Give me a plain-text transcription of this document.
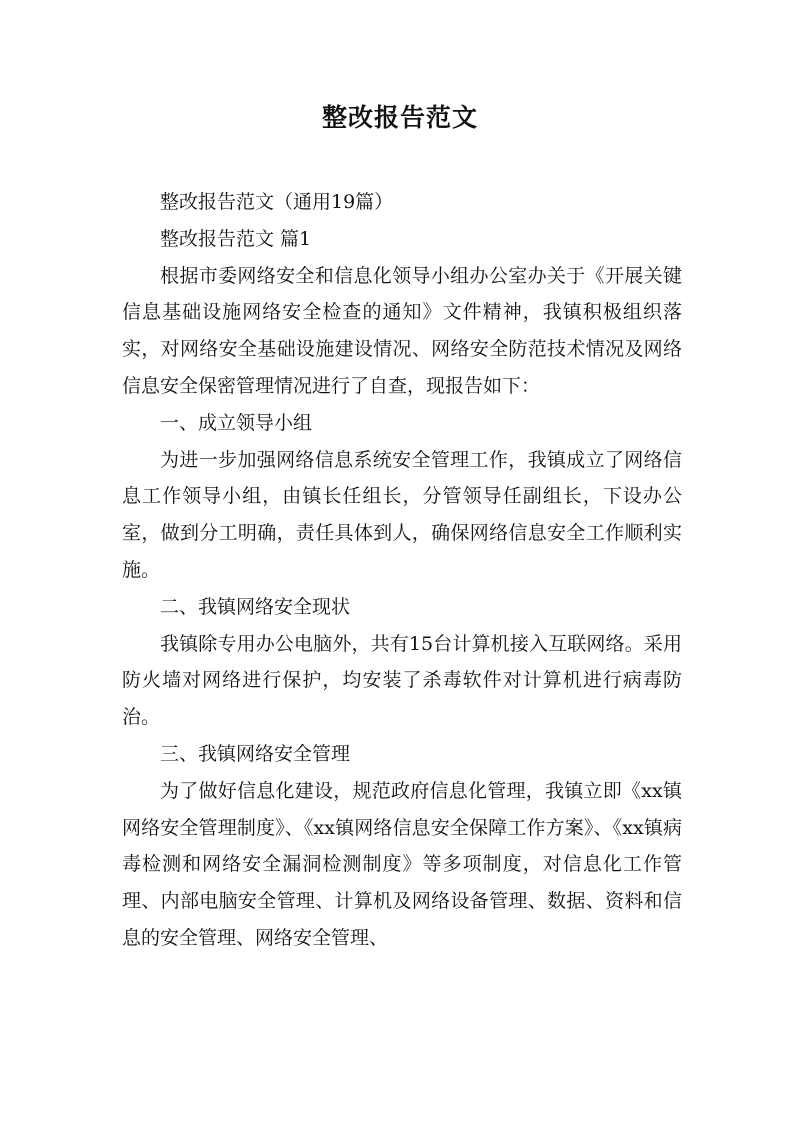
整改报告范文

整改报告范文（通用19篇）

整改报告范文 篇1

根据市委网络安全和信息化领导小组办公室办关于《开展关键信息基础设施网络安全检查的通知》文件精神，我镇积极组织落实，对网络安全基础设施建设情况、网络安全防范技术情况及网络信息安全保密管理情况进行了自查，现报告如下：

一、成立领导小组

为进一步加强网络信息系统安全管理工作，我镇成立了网络信息工作领导小组，由镇长任组长，分管领导任副组长，下设办公室，做到分工明确，责任具体到人，确保网络信息安全工作顺利实施。

二、我镇网络安全现状

我镇除专用办公电脑外，共有15台计算机接入互联网络。采用防火墙对网络进行保护，均安装了杀毒软件对计算机进行病毒防治。

三、我镇网络安全管理

为了做好信息化建设，规范政府信息化管理，我镇立即《xx镇网络安全管理制度》、《xx镇网络信息安全保障工作方案》、《xx镇病毒检测和网络安全漏洞检测制度》等多项制度，对信息化工作管理、内部电脑安全管理、计算机及网络设备管理、数据、资料和信息的安全管理、网络安全管理、
